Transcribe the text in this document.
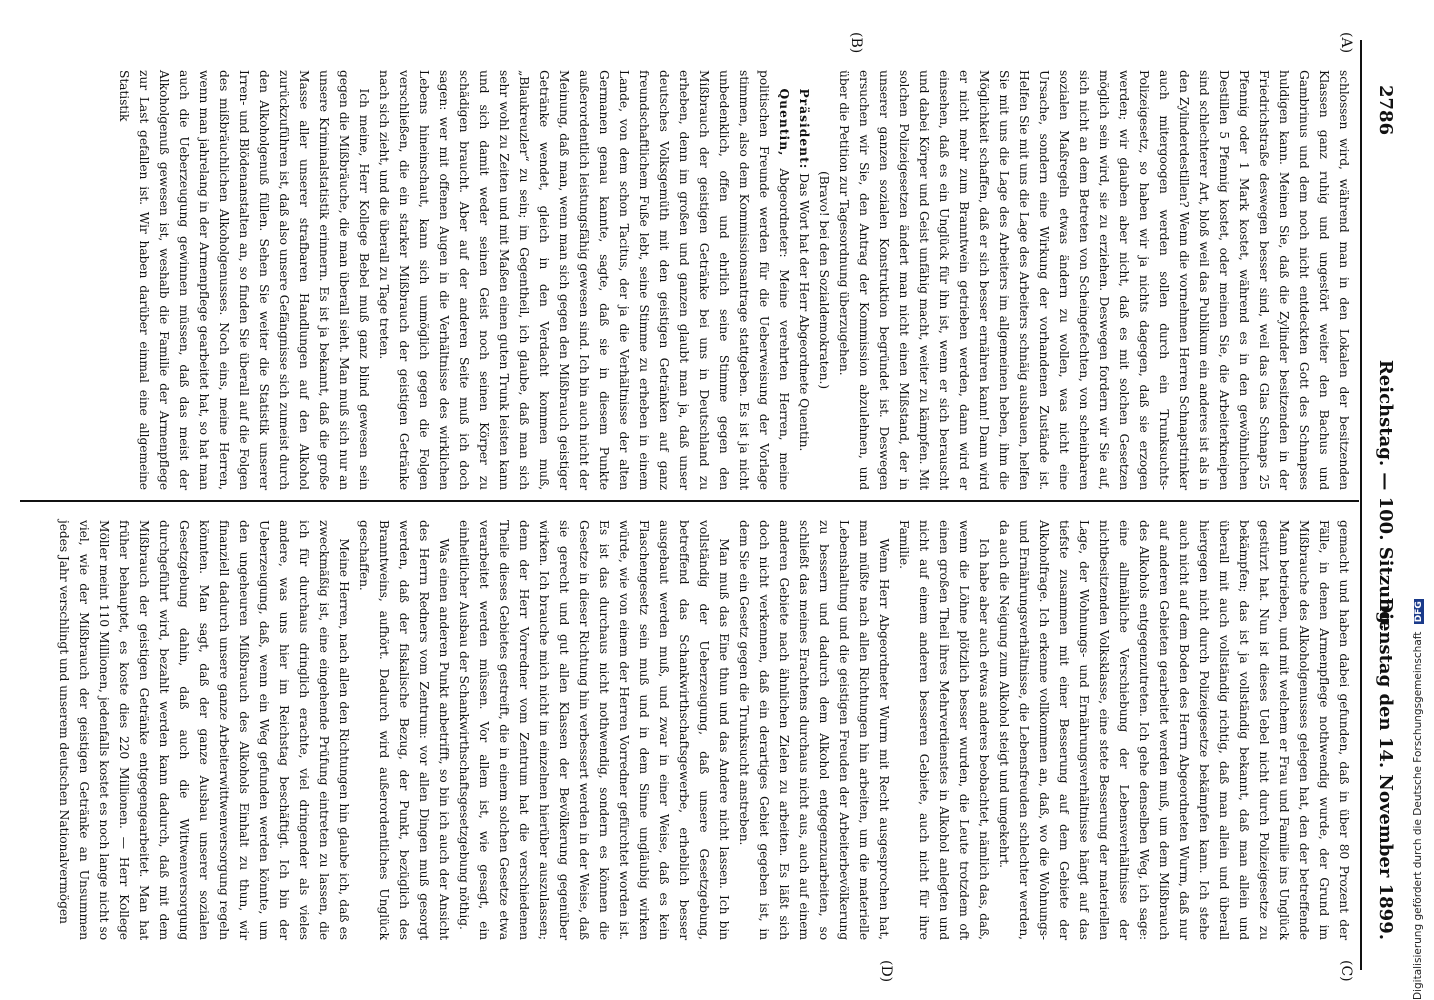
2786
Reichstag. — 100. Sitzung.
Dienstag den 14. November 1899.
(A)
(B)
(C)
(D)

schlossen wird, während man in den Lokalen der besitzenden Klassen ganz ruhig und ungestört weiter den Bachus und Gambrinus und dem noch nicht entdeckten Gott des Schnapses huldigen kann. Meinen Sie, daß die Zylinder besitzenden in der Friedrichstraße deswegen besser sind, weil das Glas Schnaps 25 Pfennig oder 1 Mark kostet, während es in den gewöhnlichen Destillen 5 Pfennig kostet, oder meinen Sie, die Arbeiterkneipen sind schlechterer Art, bloß weil das Publikum ein anderes ist als in den Zylinderdestillen? Wenn die vornehmen Herren Schnapstrinker auch mitergoogen werden sollen durch ein Trunksuchts-Polizeigesetz, so haben wir ja nichts dagegen, daß sie erzogen werden; wir glauben aber nicht, daß es mit solchen Gesetzen möglich sein wird, sie zu erziehen. Deswegen fordern wir Sie auf, sich nicht an dem Betreten von Scheingefechten, von scheinbaren sozialen Maßregeln etwas ändern zu wollen, was nicht eine Ursache, sondern eine Wirkung der vorhandenen Zustände ist. Helfen Sie mit uns die Lage des Arbeiters schnäig ausbauen, helfen Sie mit uns die Lage des Arbeiters im allgemeinen heben, ihm die Möglichkeit schaffen, daß er sich besser ernähren kann! Dann wird er nicht mehr zum Branntwein getrieben werden, dann wird er einsehen, daß es ein Unglück für ihn ist, wenn er sich berauscht und dabei Körper und Geist unfähig macht, weiter zu kämpfen. Mit solchen Polizeigesetzen ändert man nicht einen Mißstand, der in unserer ganzen sozialen Konstruktion begründet ist. Deswegen ersuchen wir Sie, den Antrag der Kommission abzulehnen, und über die Petition zur Tagesordnung überzugehen.

(Bravo! bei den Sozialdemokraten.)

Präsident: Das Wort hat der Herr Abgeordnete Quentin.

Quentin, Abgeordneter: Meine verehrten Herren, meine politischen Freunde werden für die Ueberweisung der Vorlage stimmen, also dem Kommissionsantrage stattgeben. Es ist ja nicht unbedenklich, offen und ehrlich seine Stimme gegen den Mißbrauch der geistigen Getränke bei uns in Deutschland zu erheben, denn im großen und ganzen glaubt man ja, daß unser deutsches Volksgemüth mit den geistigen Getränken auf ganz freundschaftlichem Fuße lebt, seine Stimme zu erheben in einem Lande, von dem schon Tacitus, der ja die Verhältnisse der alten Germanen genau kannte, sagte, daß sie in diesem Punkte außerordentlich leistungsfähig gewesen sind. Ich bin auch nicht der Meinung, daß man, wenn man sich gegen den Mißbrauch geistiger Getränke wendet, gleich in den Verdacht kommen muß, „Blaukreuzler“ zu sein; im Gegentheil, ich glaube, daß man sich sehr wohl zu Zeiten und mit Maßen einen guten Trunk leisten kann und sich damit weder seinen Geist noch seinen Körper zu schädigen braucht. Aber auf der anderen Seite muß ich doch sagen: wer mit offenen Augen in die Verhältnisse des wirklichen Lebens hineinschaut, kann sich unmöglich gegen die Folgen verschließen, die ein starker Mißbrauch der geistigen Getränke nach sich zieht, und die überall zu Tage treten.

Ich meine, Herr Kollege Bebel muß ganz blind gewesen sein gegen die Mißbräuche, die man überall sieht. Man muß sich nur an unsere Kriminalstatistik erinnern. Es ist ja bekannt, daß die große Masse aller unserer strafbaren Handlungen auf den Alkohol zurückzuführen ist, daß also unsere Gefängnisse sich zumeist durch den Alkoholgenuß füllen. Sehen Sie weiter die Statistik unserer Irren- und Blödenanstalten an, so finden Sie überall auf die Folgen des mißbräuchlichen Alkoholgenusses. Noch eins, meine Herren, wenn man jahrelang in der Armenpflege gearbeitet hat, so hat man auch die Ueberzeugung gewinnen müssen, daß das meist der Alkoholgenuß gewesen ist, weshalb die Familie der Armenpflege zur Last gefallen ist. Wir haben darüber einmal eine allgemeine Statistik

gemacht und haben dabei gefunden, daß in über 80 Prozent der Fälle, in denen Armenpflege nothwendig wurde, der Grund im Mißbrauche des Alkoholgenusses gelegen hat, den der betreffende Mann betrieben, und mit welchem er Frau und Familie ins Unglück gestürzt hat. Nun ist dieses Uebel nicht durch Polizeigesetze zu bekämpfen; das ist ja vollständig bekannt, daß man allein und überall mit auch vollständig richtig, daß man allein und überall hiergegen nicht durch Polizeigesetze bekämpfen kann. Ich stehe auch nicht auf dem Boden des Herrn Abgeordneten Wurm, daß nur auf anderen Gebieten gearbeitet werden muß, um dem Mißbrauch des Alkohols entgegenzutreten. Ich gehe denselben Weg, ich sage: eine allmähliche Verschiebung der Lebensverhältnisse der nichtbesitzenden Volksklasse, eine stete Besserung der materiellen Lage, der Wohnungs- und Ernährungsverhältnisse hängt auf das tiefste zusammen mit einer Besserung auf dem Gebiete der Alkoholfrage. Ich erkenne vollkommen an, daß, wo die Wohnungs- und Ernährungsverhältnisse, die Lebensfreuden schlechter werden, da auch die Neigung zum Alkohol steigt und umgekehrt.

Ich habe aber auch etwas anderes beobachtet, nämlich das, daß, wenn die Löhne plötzlich besser wurden, die Leute trotzdem oft einen großen Theil ihres Mehrverdienstes in Alkohol anlegten und nicht auf einem anderen besseren Gebiete, auch nicht für ihre Familie.

Wenn Herr Abgeordneter Wurm mit Recht ausgesprochen hat, man müßte nach allen Richtungen hin arbeiten, um die materielle Lebenshaltung und die geistigen Freuden der Arbeiterbevölkerung zu bessern und dadurch dem Alkohol entgegenzuarbeiten, so schließt das meines Erachtens durchaus nicht aus, auch auf einem anderen Gebiete nach ähnlichen Zielen zu arbeiten. Es läßt sich doch nicht verkennen, daß ein derartiges Gebiet gegeben ist, in dem Sie ein Gesetz gegen die Trunksucht anstreben.

Man muß das Eine thun und das Andere nicht lassen. Ich bin vollständig der Ueberzeugung, daß unsere Gesetzgebung, betreffend das Schankwirthschaftsgewerbe, erheblich besser ausgebaut werden muß, und zwar in einer Weise, daß es kein Flaschengesetz sein muß und in dem Sinne ungläubig wirken würde, wie von einem der Herren Vorredner gefürchtet worden ist. Es ist das durchaus nicht nothwendig, sondern es können die Gesetze in dieser Richtung hin verbessert werden in der Weise, daß sie gerecht und gut allen Klassen der Bevölkerung gegenüber wirken. Ich brauche mich nicht im einzelnen hierüber auszulassen; denn der Herr Vorredner vom Zentrum hat die verschiedenen Theile dieses Gebietes gestreift, die in einem solchen Gesetze etwa verarbeitet werden müssen. Vor allem ist, wie gesagt, ein einheitlicher Ausbau der Schankwirthschaftsgesetzgebung nöthig.

Was einen anderen Punkt anbetrifft, so bin ich auch der Ansicht des Herrn Redners vom Zentrum: vor allen Dingen muß gesorgt werden, daß der fiskalische Bezug, der Punkt, bezüglich des Branntweins, aufhört. Dadurch wird außerordentliches Unglück geschaffen.

Meine Herren, nach allen den Richtungen hin glaube ich, daß es zweckmäßig ist, eine eingehende Prüfung eintreten zu lassen, die ich für durchaus dringlich erachte, viel dringender als vieles andere, was uns hier im Reichstag beschäftigt. Ich bin der Ueberzeugung, daß, wenn ein Weg gefunden werden könnte, um den ungeheuren Mißbrauch des Alkohols Einhalt zu thun, wir finanziell dadurch unsere ganze Arbeiterwittwenversorgung regeln könnten. Man sagt, daß der ganze Ausbau unserer sozialen Gesetzgebung dahin, daß auch die Wittwenversorgung durchgeführt wird, bezahlt werden kann dadurch, daß mit dem Mißbrauch der geistigen Getränke entgegengearbeitet. Man hat früher behauptet, es koste dies 220 Millionen. — Herr Kollege Möller meint 110 Millionen, jedenfalls kostet es noch lange nicht so viel, wie der Mißbrauch der geistigen Getränke an Unsummen jedes Jahr verschlingt und unserem deutschen Nationalvermögen	Digitalisierung gefördert durch die Deutsche Forschungsgemeinschaft DFG
